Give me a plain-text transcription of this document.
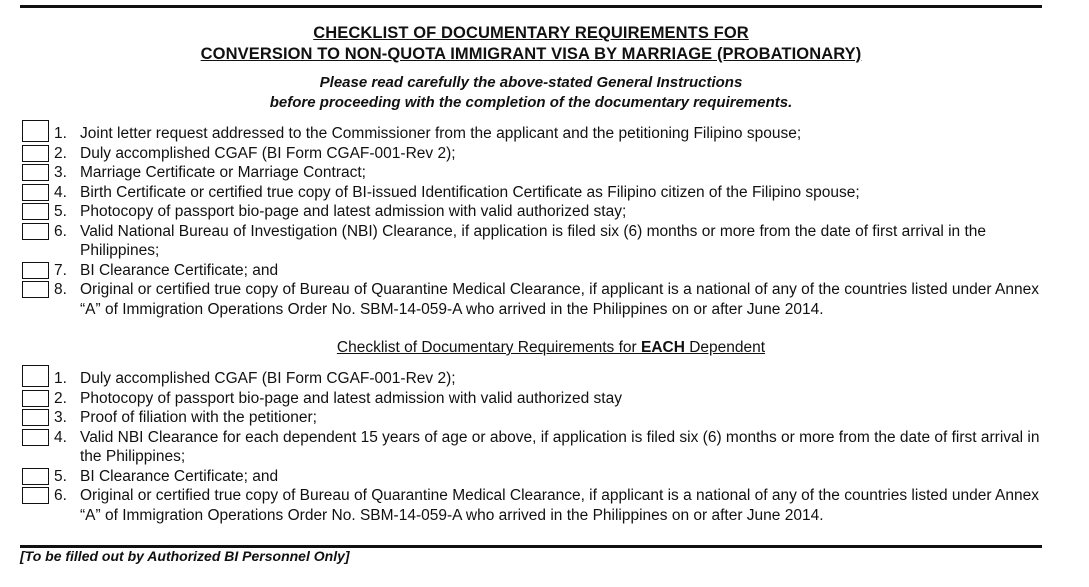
CHECKLIST OF DOCUMENTARY REQUIREMENTS FOR
CONVERSION TO NON-QUOTA IMMIGRANT VISA BY MARRIAGE (PROBATIONARY)
Please read carefully the above-stated General Instructions
before proceeding with the completion of the documentary requirements.
1. Joint letter request addressed to the Commissioner from the applicant and the petitioning Filipino spouse;
2. Duly accomplished CGAF (BI Form CGAF-001-Rev 2);
3. Marriage Certificate or Marriage Contract;
4. Birth Certificate or certified true copy of BI-issued Identification Certificate as Filipino citizen of the Filipino spouse;
5. Photocopy of passport bio-page and latest admission with valid authorized stay;
6. Valid National Bureau of Investigation (NBI) Clearance, if application is filed six (6) months or more from the date of first arrival in the Philippines;
7. BI Clearance Certificate; and
8. Original or certified true copy of Bureau of Quarantine Medical Clearance, if applicant is a national of any of the countries listed under Annex “A” of Immigration Operations Order No. SBM-14-059-A who arrived in the Philippines on or after June 2014.
Checklist of Documentary Requirements for EACH Dependent
1. Duly accomplished CGAF (BI Form CGAF-001-Rev 2);
2. Photocopy of passport bio-page and latest admission with valid authorized stay
3. Proof of filiation with the petitioner;
4. Valid NBI Clearance for each dependent 15 years of age or above, if application is filed six (6) months or more from the date of first arrival in the Philippines;
5. BI Clearance Certificate; and
6. Original or certified true copy of Bureau of Quarantine Medical Clearance, if applicant is a national of any of the countries listed under Annex “A” of Immigration Operations Order No. SBM-14-059-A who arrived in the Philippines on or after June 2014.
[To be filled out by Authorized BI Personnel Only]
